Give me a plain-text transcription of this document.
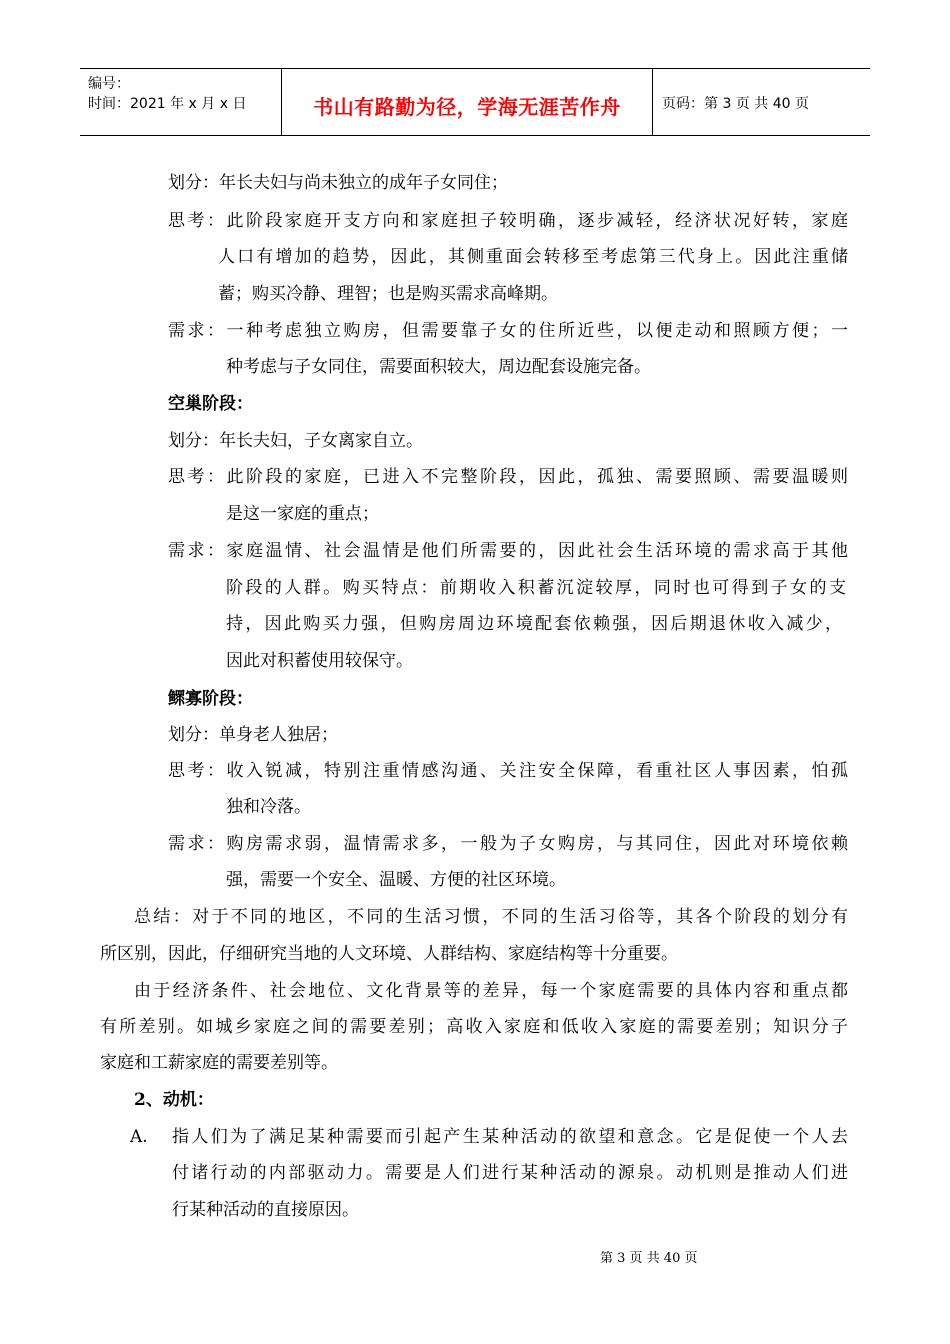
编号：
时间：2021 年 x 月 x 日	书山有路勤为径，学海无涯苦作舟	页码：第 3 页 共 40 页
划分：年长夫妇与尚未独立的成年子女同住；
思考：此阶段家庭开支方向和家庭担子较明确，逐步减轻，经济状况好转，家庭
人口有增加的趋势，因此，其侧重面会转移至考虑第三代身上。因此注重储
蓄；购买冷静、理智；也是购买需求高峰期。
需求：一种考虑独立购房，但需要靠子女的住所近些，以便走动和照顾方便；一
种考虑与子女同住，需要面积较大，周边配套设施完备。
空巢阶段：
划分：年长夫妇，子女离家自立。
思考：此阶段的家庭，已进入不完整阶段，因此，孤独、需要照顾、需要温暖则
是这一家庭的重点；
需求：家庭温情、社会温情是他们所需要的，因此社会生活环境的需求高于其他
阶段的人群。购买特点：前期收入积蓄沉淀较厚，同时也可得到子女的支
持，因此购买力强，但购房周边环境配套依赖强，因后期退休收入减少，
因此对积蓄使用较保守。
鳏寡阶段：
划分：单身老人独居；
思考：收入锐减，特别注重情感沟通、关注安全保障，看重社区人事因素，怕孤
独和冷落。
需求：购房需求弱，温情需求多，一般为子女购房，与其同住，因此对环境依赖
强，需要一个安全、温暖、方便的社区环境。
总结：对于不同的地区，不同的生活习惯，不同的生活习俗等，其各个阶段的划分有
所区别，因此，仔细研究当地的人文环境、人群结构、家庭结构等十分重要。
由于经济条件、社会地位、文化背景等的差异，每一个家庭需要的具体内容和重点都
有所差别。如城乡家庭之间的需要差别；高收入家庭和低收入家庭的需要差别；知识分子
家庭和工薪家庭的需要差别等。
2、动机：
A. 指人们为了满足某种需要而引起产生某种活动的欲望和意念。它是促使一个人去
付诸行动的内部驱动力。需要是人们进行某种活动的源泉。动机则是推动人们进
行某种活动的直接原因。
第 3 页 共 40 页
